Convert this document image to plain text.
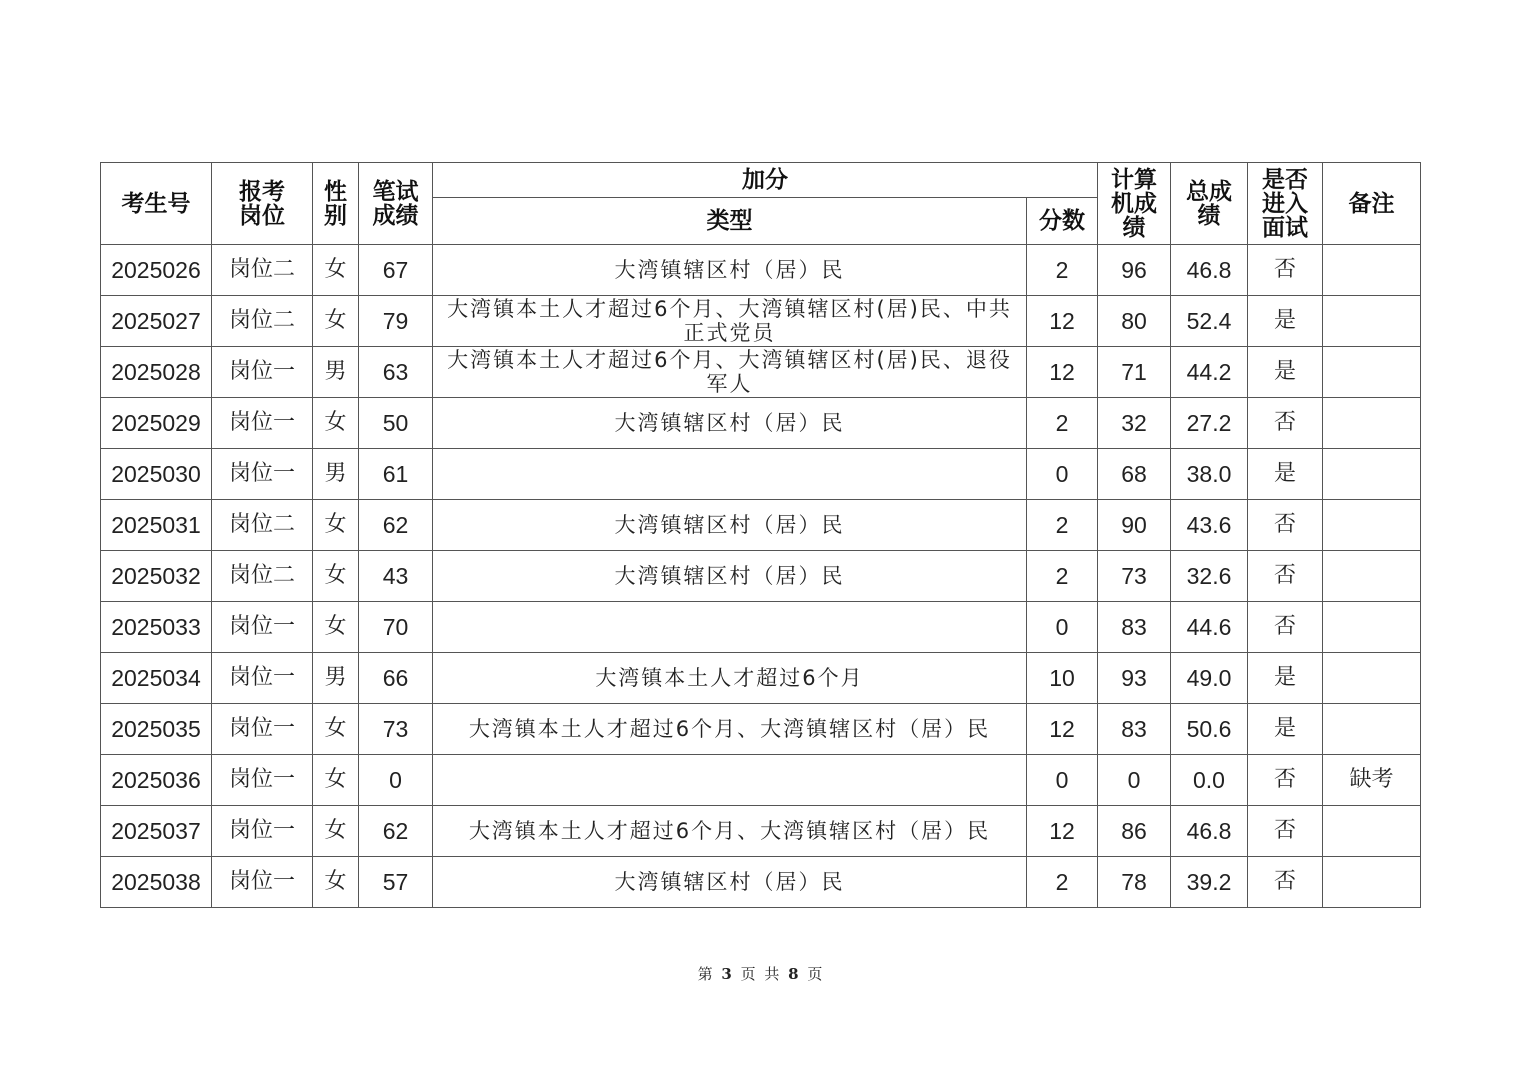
考生号	报考岗位	性别	笔试成绩	加分		计算机成绩	总成绩	是否进入面试	备注
				类型	分数				
2025026	岗位二	女	67	大湾镇辖区村（居）民	2	96	46.8	否	
2025027	岗位二	女	79	大湾镇本土人才超过6个月、大湾镇辖区村(居)民、中共正式党员	12	80	52.4	是	
2025028	岗位一	男	63	大湾镇本土人才超过6个月、大湾镇辖区村(居)民、退役军人	12	71	44.2	是	
2025029	岗位一	女	50	大湾镇辖区村（居）民	2	32	27.2	否	
2025030	岗位一	男	61		0	68	38.0	是	
2025031	岗位二	女	62	大湾镇辖区村（居）民	2	90	43.6	否	
2025032	岗位二	女	43	大湾镇辖区村（居）民	2	73	32.6	否	
2025033	岗位一	女	70		0	83	44.6	否	
2025034	岗位一	男	66	大湾镇本土人才超过6个月	10	93	49.0	是	
2025035	岗位一	女	73	大湾镇本土人才超过6个月、大湾镇辖区村（居）民	12	83	50.6	是	
2025036	岗位一	女	0		0	0	0.0	否	缺考
2025037	岗位一	女	62	大湾镇本土人才超过6个月、大湾镇辖区村（居）民	12	86	46.8	否	
2025038	岗位一	女	57	大湾镇辖区村（居）民	2	78	39.2	否	
第 3 页 共 8 页
